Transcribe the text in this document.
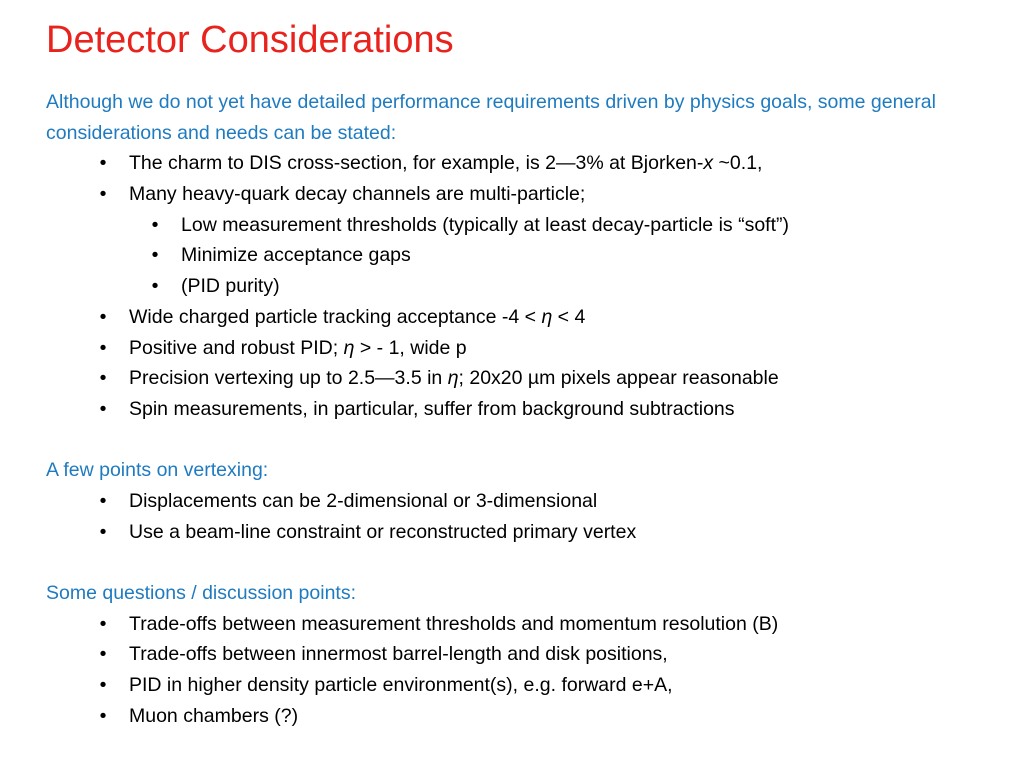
Detector Considerations
Although we do not yet have detailed performance requirements driven by physics goals, some general considerations and needs can be stated:
•	The charm to DIS cross-section, for example, is 2—3% at Bjorken-x ~0.1,
•	Many heavy-quark decay channels are multi-particle;
•	Low measurement thresholds (typically at least decay-particle is “soft”)
•	Minimize acceptance gaps
•	(PID purity)
•	Wide charged particle tracking acceptance -4 < η < 4
•	Positive and robust PID; η > - 1, wide p
•	Precision vertexing up to 2.5—3.5 in η; 20x20 µm pixels appear reasonable
•	Spin measurements, in particular, suffer from background subtractions
A few points on vertexing:
•	Displacements can be 2-dimensional or 3-dimensional
•	Use a beam-line constraint or reconstructed primary vertex
Some questions / discussion points:
•	Trade-offs between measurement thresholds and momentum resolution (B)
•	Trade-offs between innermost barrel-length and disk positions,
•	PID in higher density particle environment(s), e.g. forward e+A,
•	Muon chambers (?)
